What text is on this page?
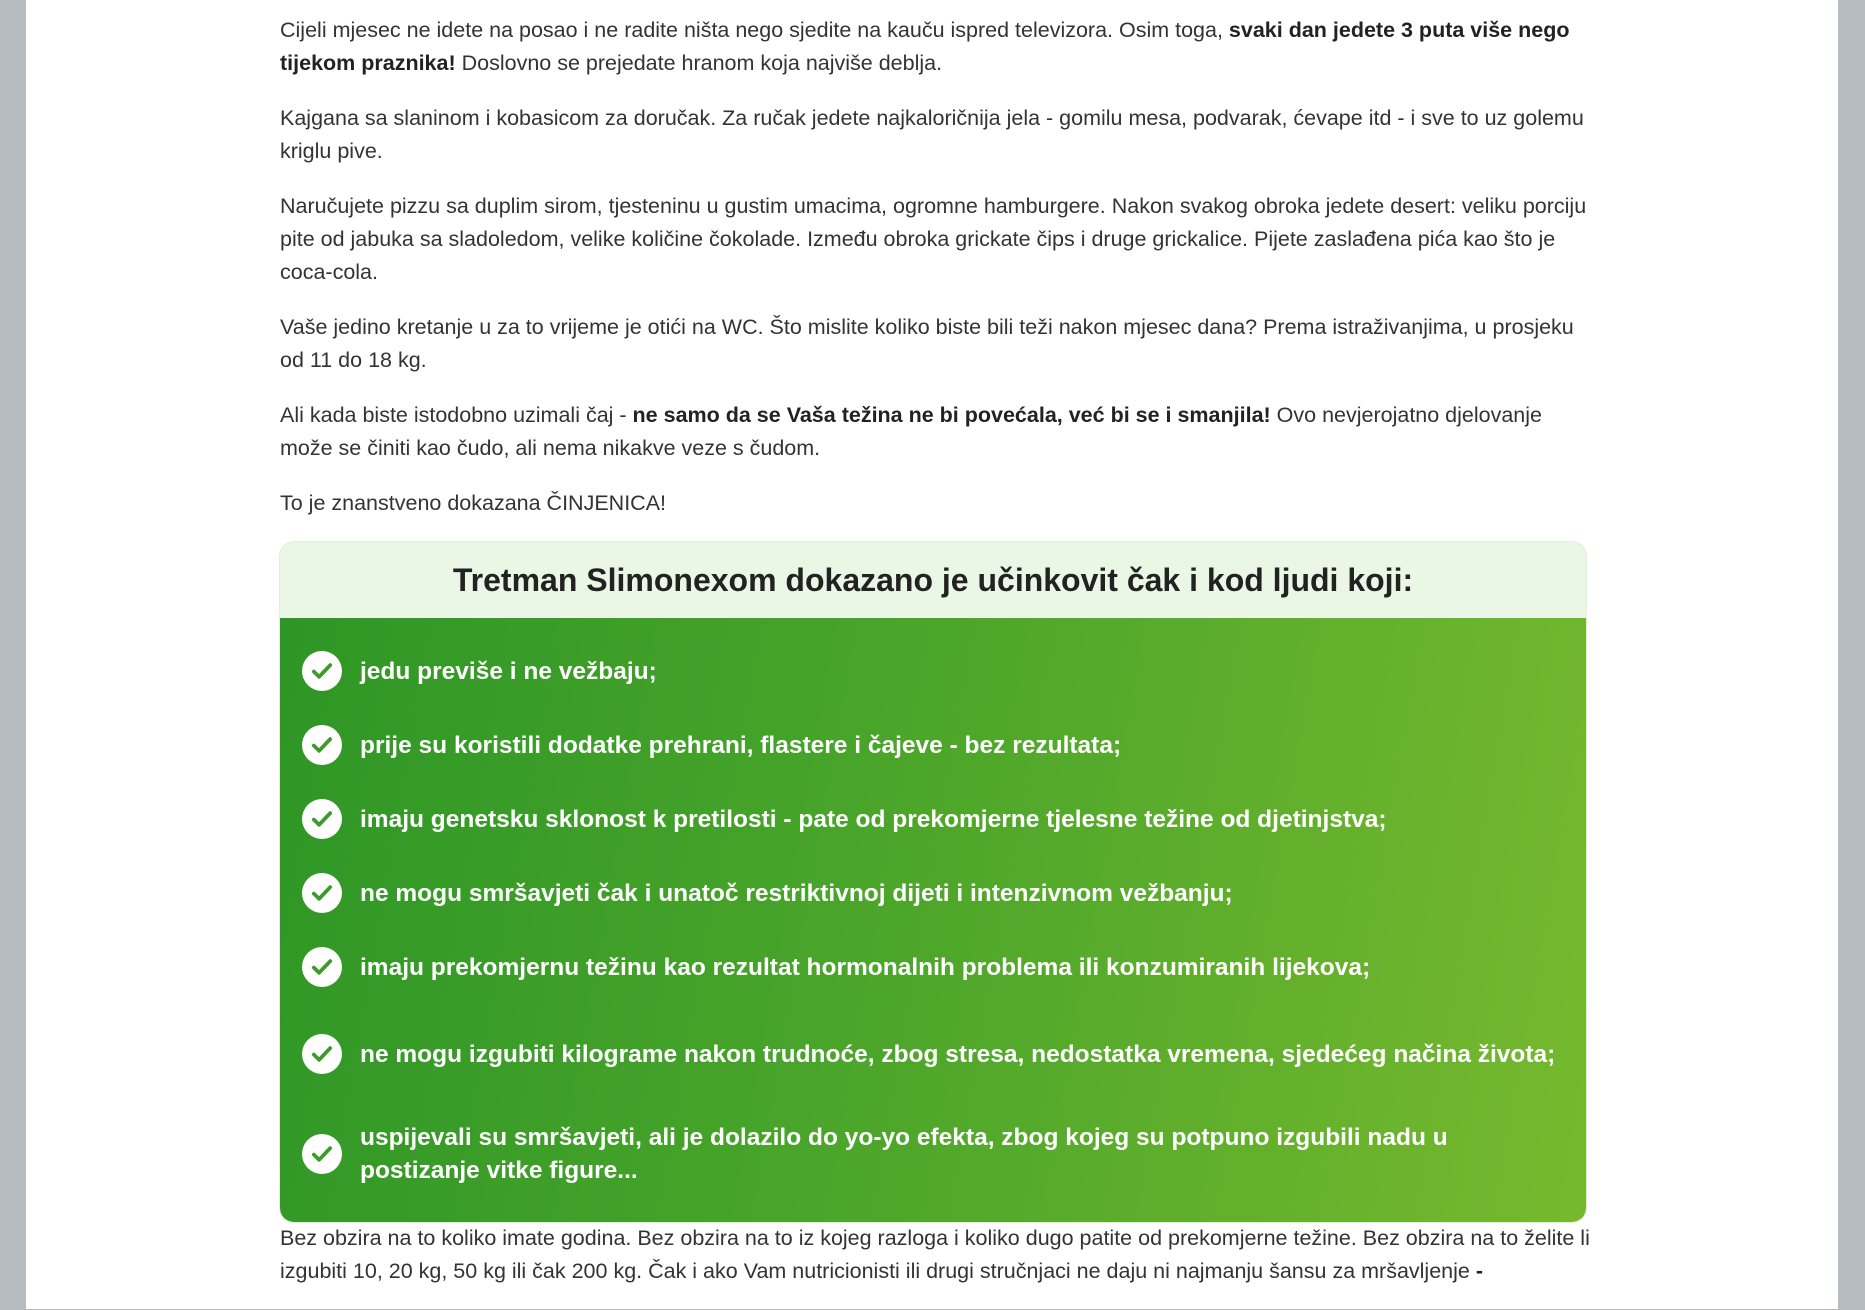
Cijeli mjesec ne idete na posao i ne radite ništa nego sjedite na kauču ispred televizora. Osim toga, svaki dan jedete 3 puta više nego tijekom praznika! Doslovno se prejedate hranom koja najviše deblja.

Kajgana sa slaninom i kobasicom za doručak. Za ručak jedete najkaloričnija jela - gomilu mesa, podvarak, ćevape itd - i sve to uz golemu kriglu pive.

Naručujete pizzu sa duplim sirom, tjesteninu u gustim umacima, ogromne hamburgere. Nakon svakog obroka jedete desert: veliku porciju pite od jabuka sa sladoledom, velike količine čokolade. Između obroka grickate čips i druge grickalice. Pijete zaslađena pića kao što je coca-cola.

Vaše jedino kretanje u za to vrijeme je otići na WC. Što mislite koliko biste bili teži nakon mjesec dana? Prema istraživanjima, u prosjeku od 11 do 18 kg.

Ali kada biste istodobno uzimali čaj - ne samo da se Vaša težina ne bi povećala, već bi se i smanjila! Ovo nevjerojatno djelovanje može se činiti kao čudo, ali nema nikakve veze s čudom.

To je znanstveno dokazana ČINJENICA!

Tretman Slimonexom dokazano je učinkovit čak i kod ljudi koji:
jedu previše i ne vežbaju;
prije su koristili dodatke prehrani, flastere i čajeve - bez rezultata;
imaju genetsku sklonost k pretilosti - pate od prekomjerne tjelesne težine od djetinjstva;
ne mogu smršavjeti čak i unatoč restriktivnoj dijeti i intenzivnom vežbanju;
imaju prekomjernu težinu kao rezultat hormonalnih problema ili konzumiranih lijekova;
ne mogu izgubiti kilograme nakon trudnoće, zbog stresa, nedostatka vremena, sjedećeg načina života;
uspijevali su smršavjeti, ali je dolazilo do yo-yo efekta, zbog kojeg su potpuno izgubili nadu u postizanje vitke figure...

Bez obzira na to koliko imate godina. Bez obzira na to iz kojeg razloga i koliko dugo patite od prekomjerne težine. Bez obzira na to želite li izgubiti 10, 20 kg, 50 kg ili čak 200 kg. Čak i ako Vam nutricionisti ili drugi stručnjaci ne daju ni najmanju šansu za mršavljenje -
